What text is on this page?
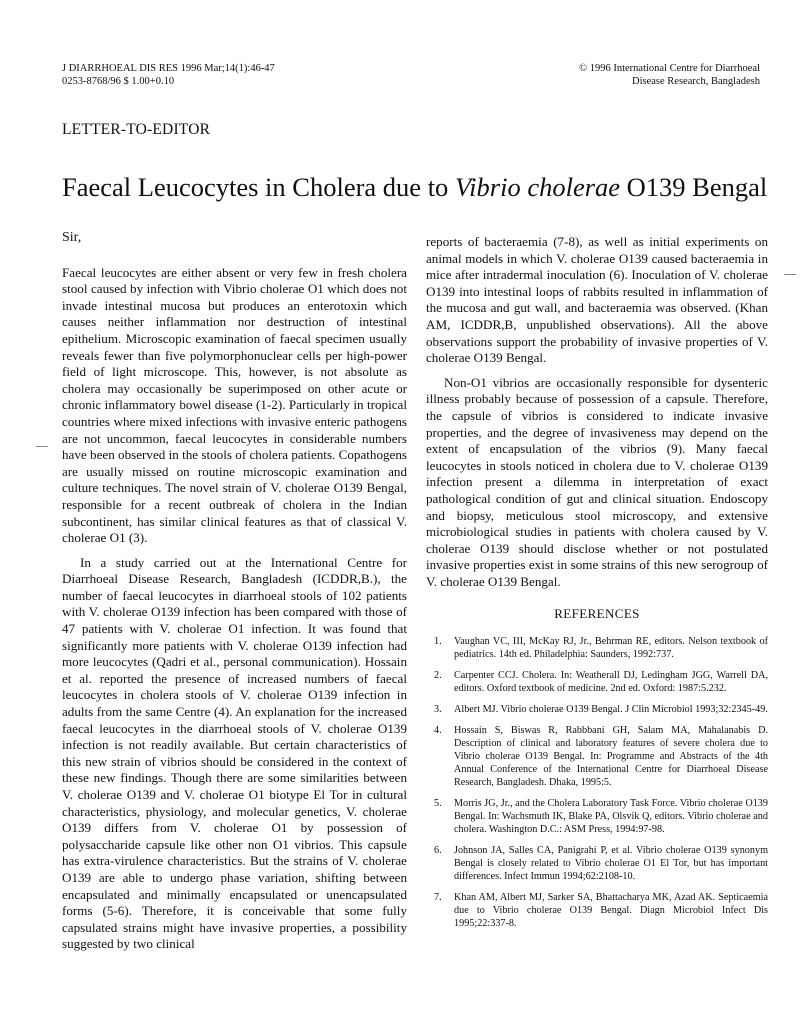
J DIARRHOEAL DIS RES 1996 Mar;14(1):46-47
0253-8768/96 $ 1.00+0.10
© 1996 International Centre for Diarrhoeal
Disease Research, Bangladesh
LETTER-TO-EDITOR
Faecal Leucocytes in Cholera due to Vibrio cholerae O139 Bengal

Sir,

Faecal leucocytes are either absent or very few in fresh cholera stool caused by infection with Vibrio cholerae O1 which does not invade intestinal mucosa but produces an enterotoxin which causes neither inflammation nor destruction of intestinal epithelium. Microscopic examination of faecal specimen usually reveals fewer than five polymorphonuclear cells per high-power field of light microscope. This, however, is not absolute as cholera may occasionally be superimposed on other acute or chronic inflammatory bowel disease (1-2). Particularly in tropical countries where mixed infections with invasive enteric pathogens are not uncommon, faecal leucocytes in considerable numbers have been observed in the stools of cholera patients. Copathogens are usually missed on routine microscopic examination and culture techniques. The novel strain of V. cholerae O139 Bengal, responsible for a recent outbreak of cholera in the Indian subcontinent, has similar clinical features as that of classical V. cholerae O1 (3).

In a study carried out at the International Centre for Diarrhoeal Disease Research, Bangladesh (ICDDR,B.), the number of faecal leucocytes in diarrhoeal stools of 102 patients with V. cholerae O139 infection has been compared with those of 47 patients with V. cholerae O1 infection. It was found that significantly more patients with V. cholerae O139 infection had more leucocytes (Qadri et al., personal communication). Hossain et al. reported the presence of increased numbers of faecal leucocytes in cholera stools of V. cholerae O139 infection in adults from the same Centre (4). An explanation for the increased faecal leucocytes in the diarrhoeal stools of V. cholerae O139 infection is not readily available. But certain characteristics of this new strain of vibrios should be considered in the context of these new findings. Though there are some similarities between V. cholerae O139 and V. cholerae O1 biotype El Tor in cultural characteristics, physiology, and molecular genetics, V. cholerae O139 differs from V. cholerae O1 by possession of polysaccharide capsule like other non O1 vibrios. This capsule has extra-virulence characteristics. But the strains of V. cholerae O139 are able to undergo phase variation, shifting between encapsulated and minimally encapsulated or unencapsulated forms (5-6). Therefore, it is conceivable that some fully capsulated strains might have invasive properties, a possibility suggested by two clinical

reports of bacteraemia (7-8), as well as initial experiments on animal models in which V. cholerae O139 caused bacteraemia in mice after intradermal inoculation (6). Inoculation of V. cholerae O139 into intestinal loops of rabbits resulted in inflammation of the mucosa and gut wall, and bacteraemia was observed. (Khan AM, ICDDR,B, unpublished observations). All the above observations support the probability of invasive properties of V. cholerae O139 Bengal.

Non-O1 vibrios are occasionally responsible for dysenteric illness probably because of possession of a capsule. Therefore, the capsule of vibrios is considered to indicate invasive properties, and the degree of invasiveness may depend on the extent of encapsulation of the vibrios (9). Many faecal leucocytes in stools noticed in cholera due to V. cholerae O139 infection present a dilemma in interpretation of exact pathological condition of gut and clinical situation. Endoscopy and biopsy, meticulous stool microscopy, and extensive microbiological studies in patients with cholera caused by V. cholerae O139 should disclose whether or not postulated invasive properties exist in some strains of this new serogroup of V. cholerae O139 Bengal.

REFERENCES

1. Vaughan VC, III, McKay RJ, Jr., Behrman RE, editors. Nelson textbook of pediatrics. 14th ed. Philadelphia: Saunders, 1992:737.
2. Carpenter CCJ. Cholera. In: Weatherall DJ, Ledingham JGG, Warrell DA, editors. Oxford textbook of medicine. 2nd ed. Oxford: 1987:5.232.
3. Albert MJ. Vibrio cholerae O139 Bengal. J Clin Microbiol 1993;32:2345-49.
4. Hossain S, Biswas R, Rabbbani GH, Salam MA, Mahalanabis D. Description of clinical and laboratory features of severe cholera due to Vibrio cholerae O139 Bengal. In: Programme and Abstracts of the 4th Annual Conference of the International Centre for Diarrhoeal Disease Research, Bangladesh. Dhaka, 1995:5.
5. Morris JG, Jr., and the Cholera Laboratory Task Force. Vibrio cholerae O139 Bengal. In: Wachsmuth IK, Blake PA, Olsvik Q, editors. Vibrio cholerae and cholera. Washington D.C.: ASM Press, 1994:97-98.
6. Johnson JA, Salles CA, Panigrahi P, et al. Vibrio cholerae O139 synonym Bengal is closely related to Vibrio cholerae O1 El Tor, but has important differences. Infect Immun 1994;62:2108-10.
7. Khan AM, Albert MJ, Sarker SA, Bhattacharya MK, Azad AK. Septicaemia due to Vibrio cholerae O139 Bengal. Diagn Microbiol Infect Dis 1995;22:337-8.
—
—
